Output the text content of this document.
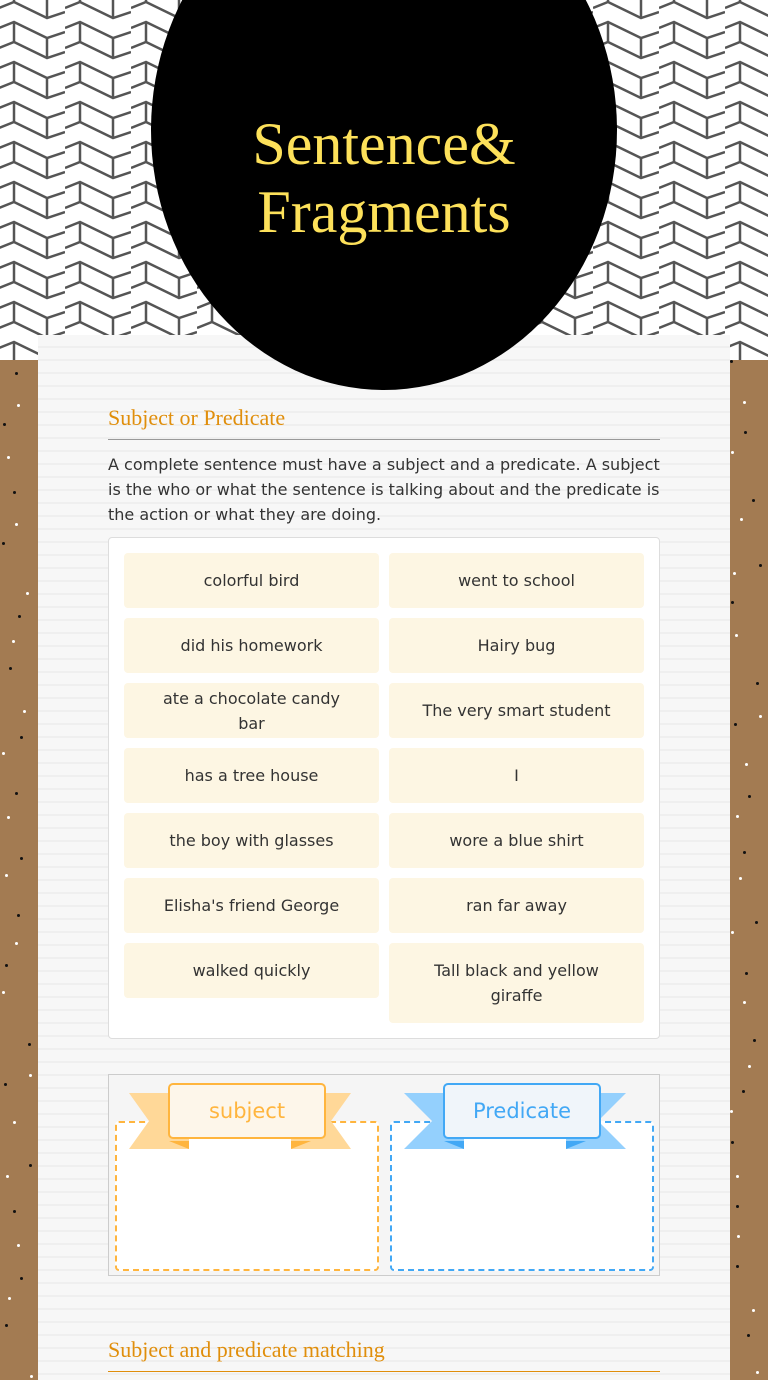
Sentence&
Fragments
Subject or Predicate
A complete sentence must have a subject and a predicate. A subject is the who or what the sentence is talking about and the predicate is the action or what they are doing.
colorful bird	went to school
did his homework	Hairy bug
ate a chocolate candy bar
The very smart student
has a tree house	I
the boy with glasses	wore a blue shirt
Elisha's friend George	ran far away
walked quickly	Tall black and yellow giraffe
subject	Predicate
Subject and predicate matching
